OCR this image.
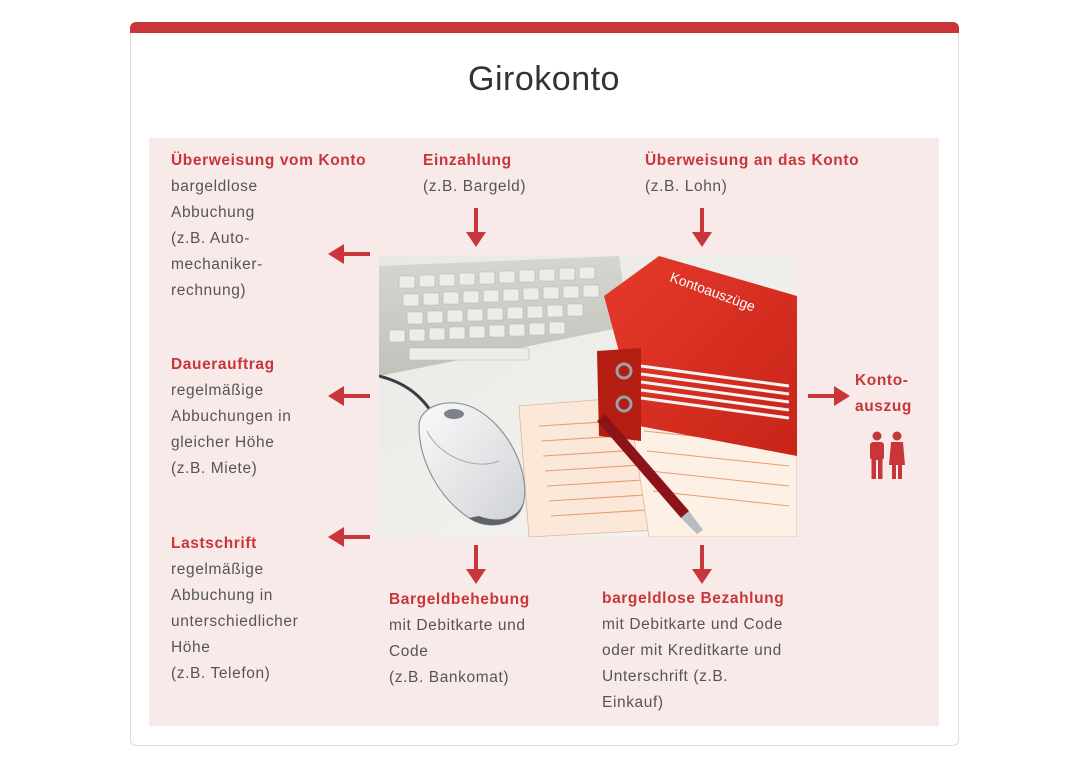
Girokonto
Überweisung vom Konto
bargeldlose
Abbuchung
(z.B. Auto-
mechaniker-
rechnung)
Einzahlung
(z.B. Bargeld)
Überweisung an das Konto
(z.B. Lohn)
Dauerauftrag
regelmäßige
Abbuchungen in
gleicher Höhe
(z.B. Miete)
Konto-
auszug
Lastschrift
regelmäßige
Abbuchung in
unterschiedlicher
Höhe
(z.B. Telefon)
Bargeldbehebung
mit Debitkarte und
Code
(z.B. Bankomat)
bargeldlose Bezahlung
mit Debitkarte und Code
oder mit Kreditkarte und
Unterschrift (z.B.
Einkauf)
Kontoauszüge
